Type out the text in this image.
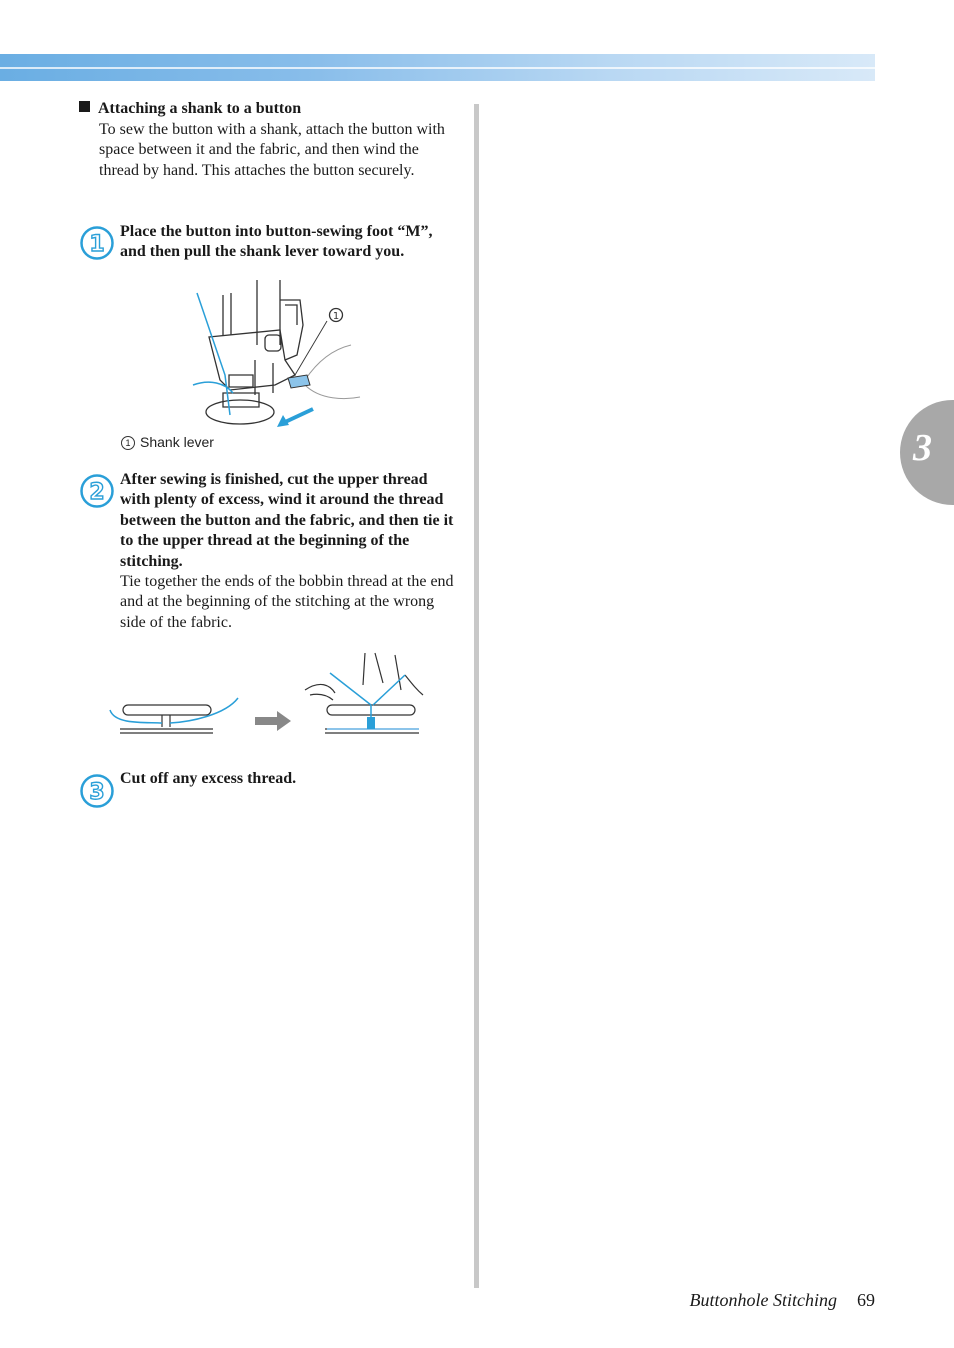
3
Attaching a shank to a button
To sew the button with a shank, attach the button with space between it and the fabric, and then wind the thread by hand. This attaches the button securely.
1
Place the button into button-sewing foot “M”, and then pull the shank lever toward you.
1
1 Shank lever
2
After sewing is finished, cut the upper thread with plenty of excess, wind it around the thread between the button and the fabric, and then tie it to the upper thread at the beginning of the stitching.
Tie together the ends of the bobbin thread at the end and at the beginning of the stitching at the wrong side of the fabric.
3
Cut off any excess thread.
Buttonhole Stitching 69
